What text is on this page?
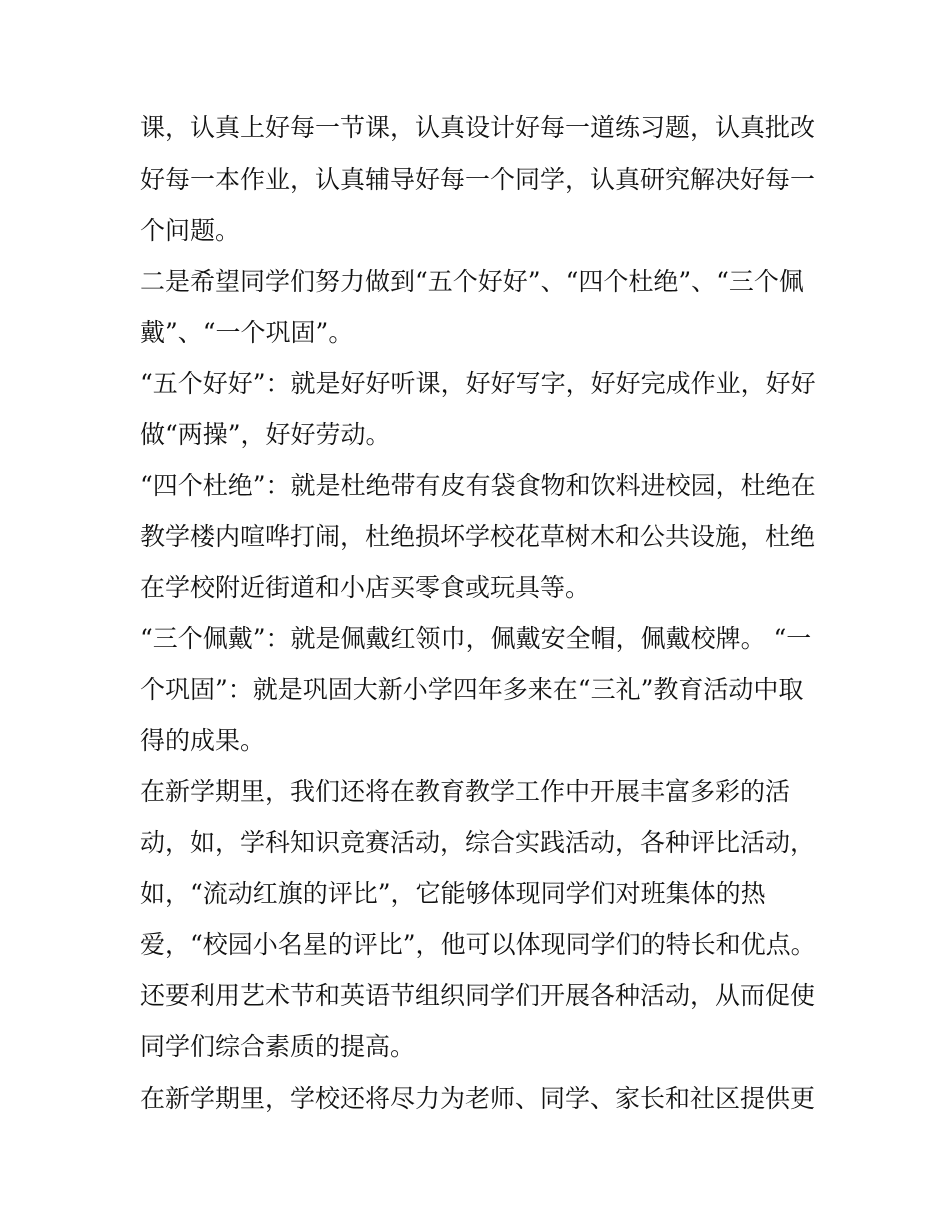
课，认真上好每一节课，认真设计好每一道练习题，认真批改
好每一本作业，认真辅导好每一个同学，认真研究解决好每一
个问题。
二是希望同学们努力做到“五个好好”、“四个杜绝”、“三个佩
戴”、“一个巩固”。
“五个好好”：就是好好听课，好好写字，好好完成作业，好好
做“两操”，好好劳动。
“四个杜绝”：就是杜绝带有皮有袋食物和饮料进校园，杜绝在
教学楼内喧哗打闹，杜绝损坏学校花草树木和公共设施，杜绝
在学校附近街道和小店买零食或玩具等。
“三个佩戴”：就是佩戴红领巾，佩戴安全帽，佩戴校牌。 “一
个巩固”：就是巩固大新小学四年多来在“三礼”教育活动中取
得的成果。
在新学期里，我们还将在教育教学工作中开展丰富多彩的活
动，如，学科知识竞赛活动，综合实践活动，各种评比活动，
如，“流动红旗的评比”，它能够体现同学们对班集体的热
爱，“校园小名星的评比”，他可以体现同学们的特长和优点。
还要利用艺术节和英语节组织同学们开展各种活动，从而促使
同学们综合素质的提高。
在新学期里，学校还将尽力为老师、同学、家长和社区提供更
